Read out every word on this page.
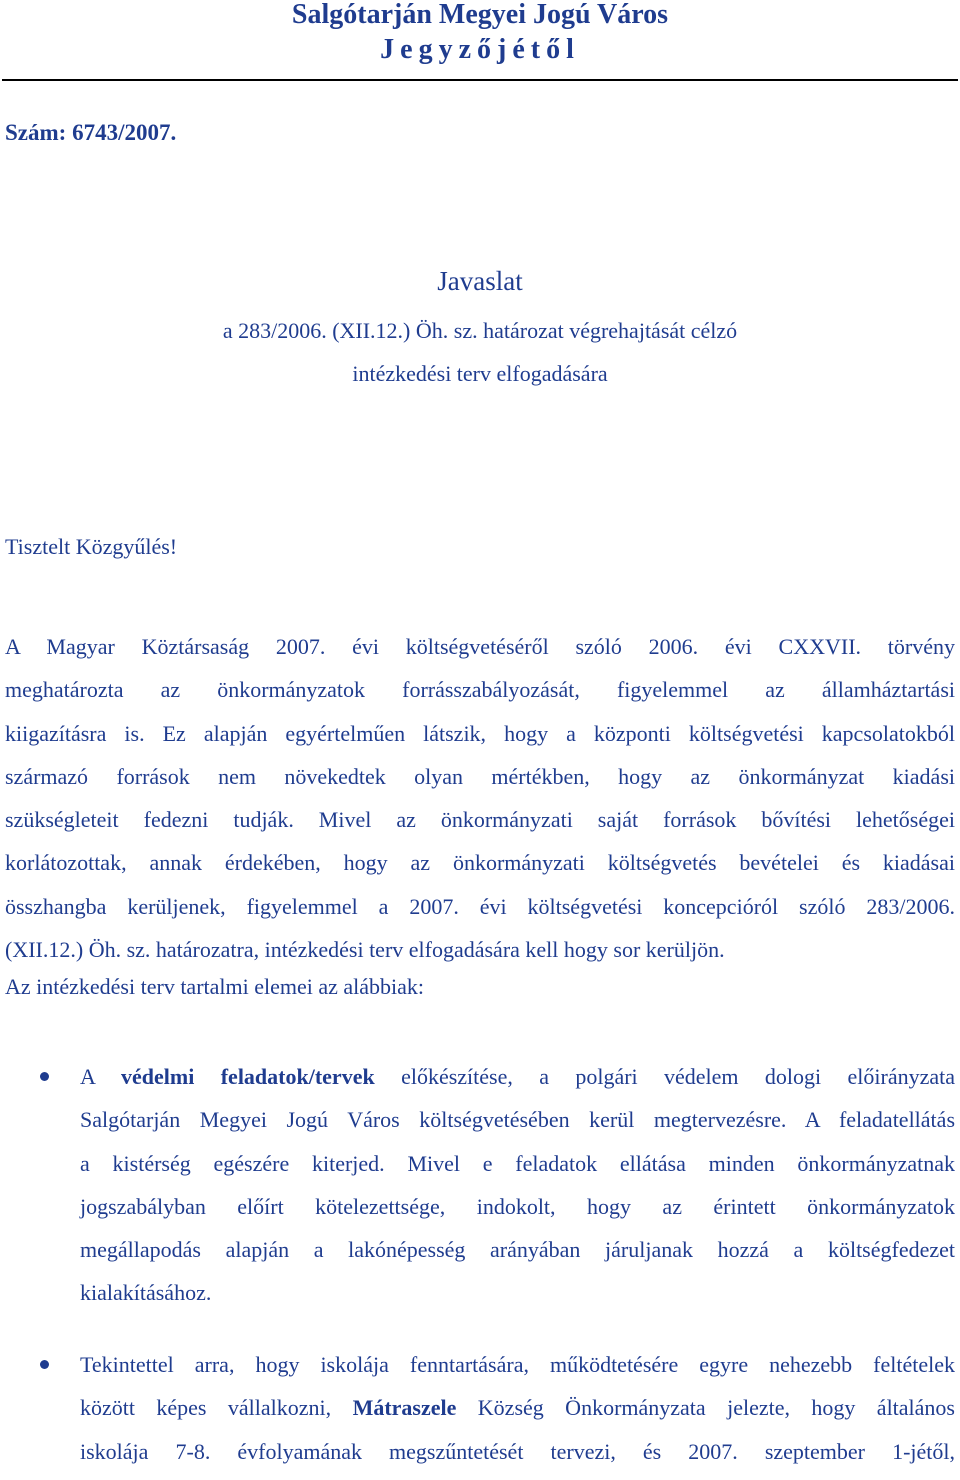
Salgótarján Megyei Jogú Város
Jegyzőjétől
Szám: 6743/2007.
Javaslat
a 283/2006. (XII.12.) Öh. sz. határozat végrehajtását célzó
intézkedési terv elfogadására
Tisztelt Közgyűlés!
A Magyar Köztársaság 2007. évi költségvetéséről szóló 2006. évi CXXVII. törvény
meghatározta az önkormányzatok forrásszabályozását, figyelemmel az államháztartási
kiigazításra is. Ez alapján egyértelműen látszik, hogy a központi költségvetési kapcsolatokból
származó források nem növekedtek olyan mértékben, hogy az önkormányzat kiadási
szükségleteit fedezni tudják. Mivel az önkormányzati saját források bővítési lehetőségei
korlátozottak, annak érdekében, hogy az önkormányzati költségvetés bevételei és kiadásai
összhangba kerüljenek, figyelemmel a 2007. évi költségvetési koncepcióról szóló 283/2006.
(XII.12.) Öh. sz. határozatra, intézkedési terv elfogadására kell hogy sor kerüljön.
Az intézkedési terv tartalmi elemei az alábbiak:
A védelmi feladatok/tervek előkészítése, a polgári védelem dologi előirányzata
Salgótarján Megyei Jogú Város költségvetésében kerül megtervezésre. A feladatellátás
a kistérség egészére kiterjed. Mivel e feladatok ellátása minden önkormányzatnak
jogszabályban előírt kötelezettsége, indokolt, hogy az érintett önkormányzatok
megállapodás alapján a lakónépesség arányában járuljanak hozzá a költségfedezet
kialakításához.
Tekintettel arra, hogy iskolája fenntartására, működtetésére egyre nehezebb feltételek
között képes vállalkozni, Mátraszele Község Önkormányzata jelezte, hogy általános
iskolája 7-8. évfolyamának megszűntetését tervezi, és 2007. szeptember 1-jétől,
